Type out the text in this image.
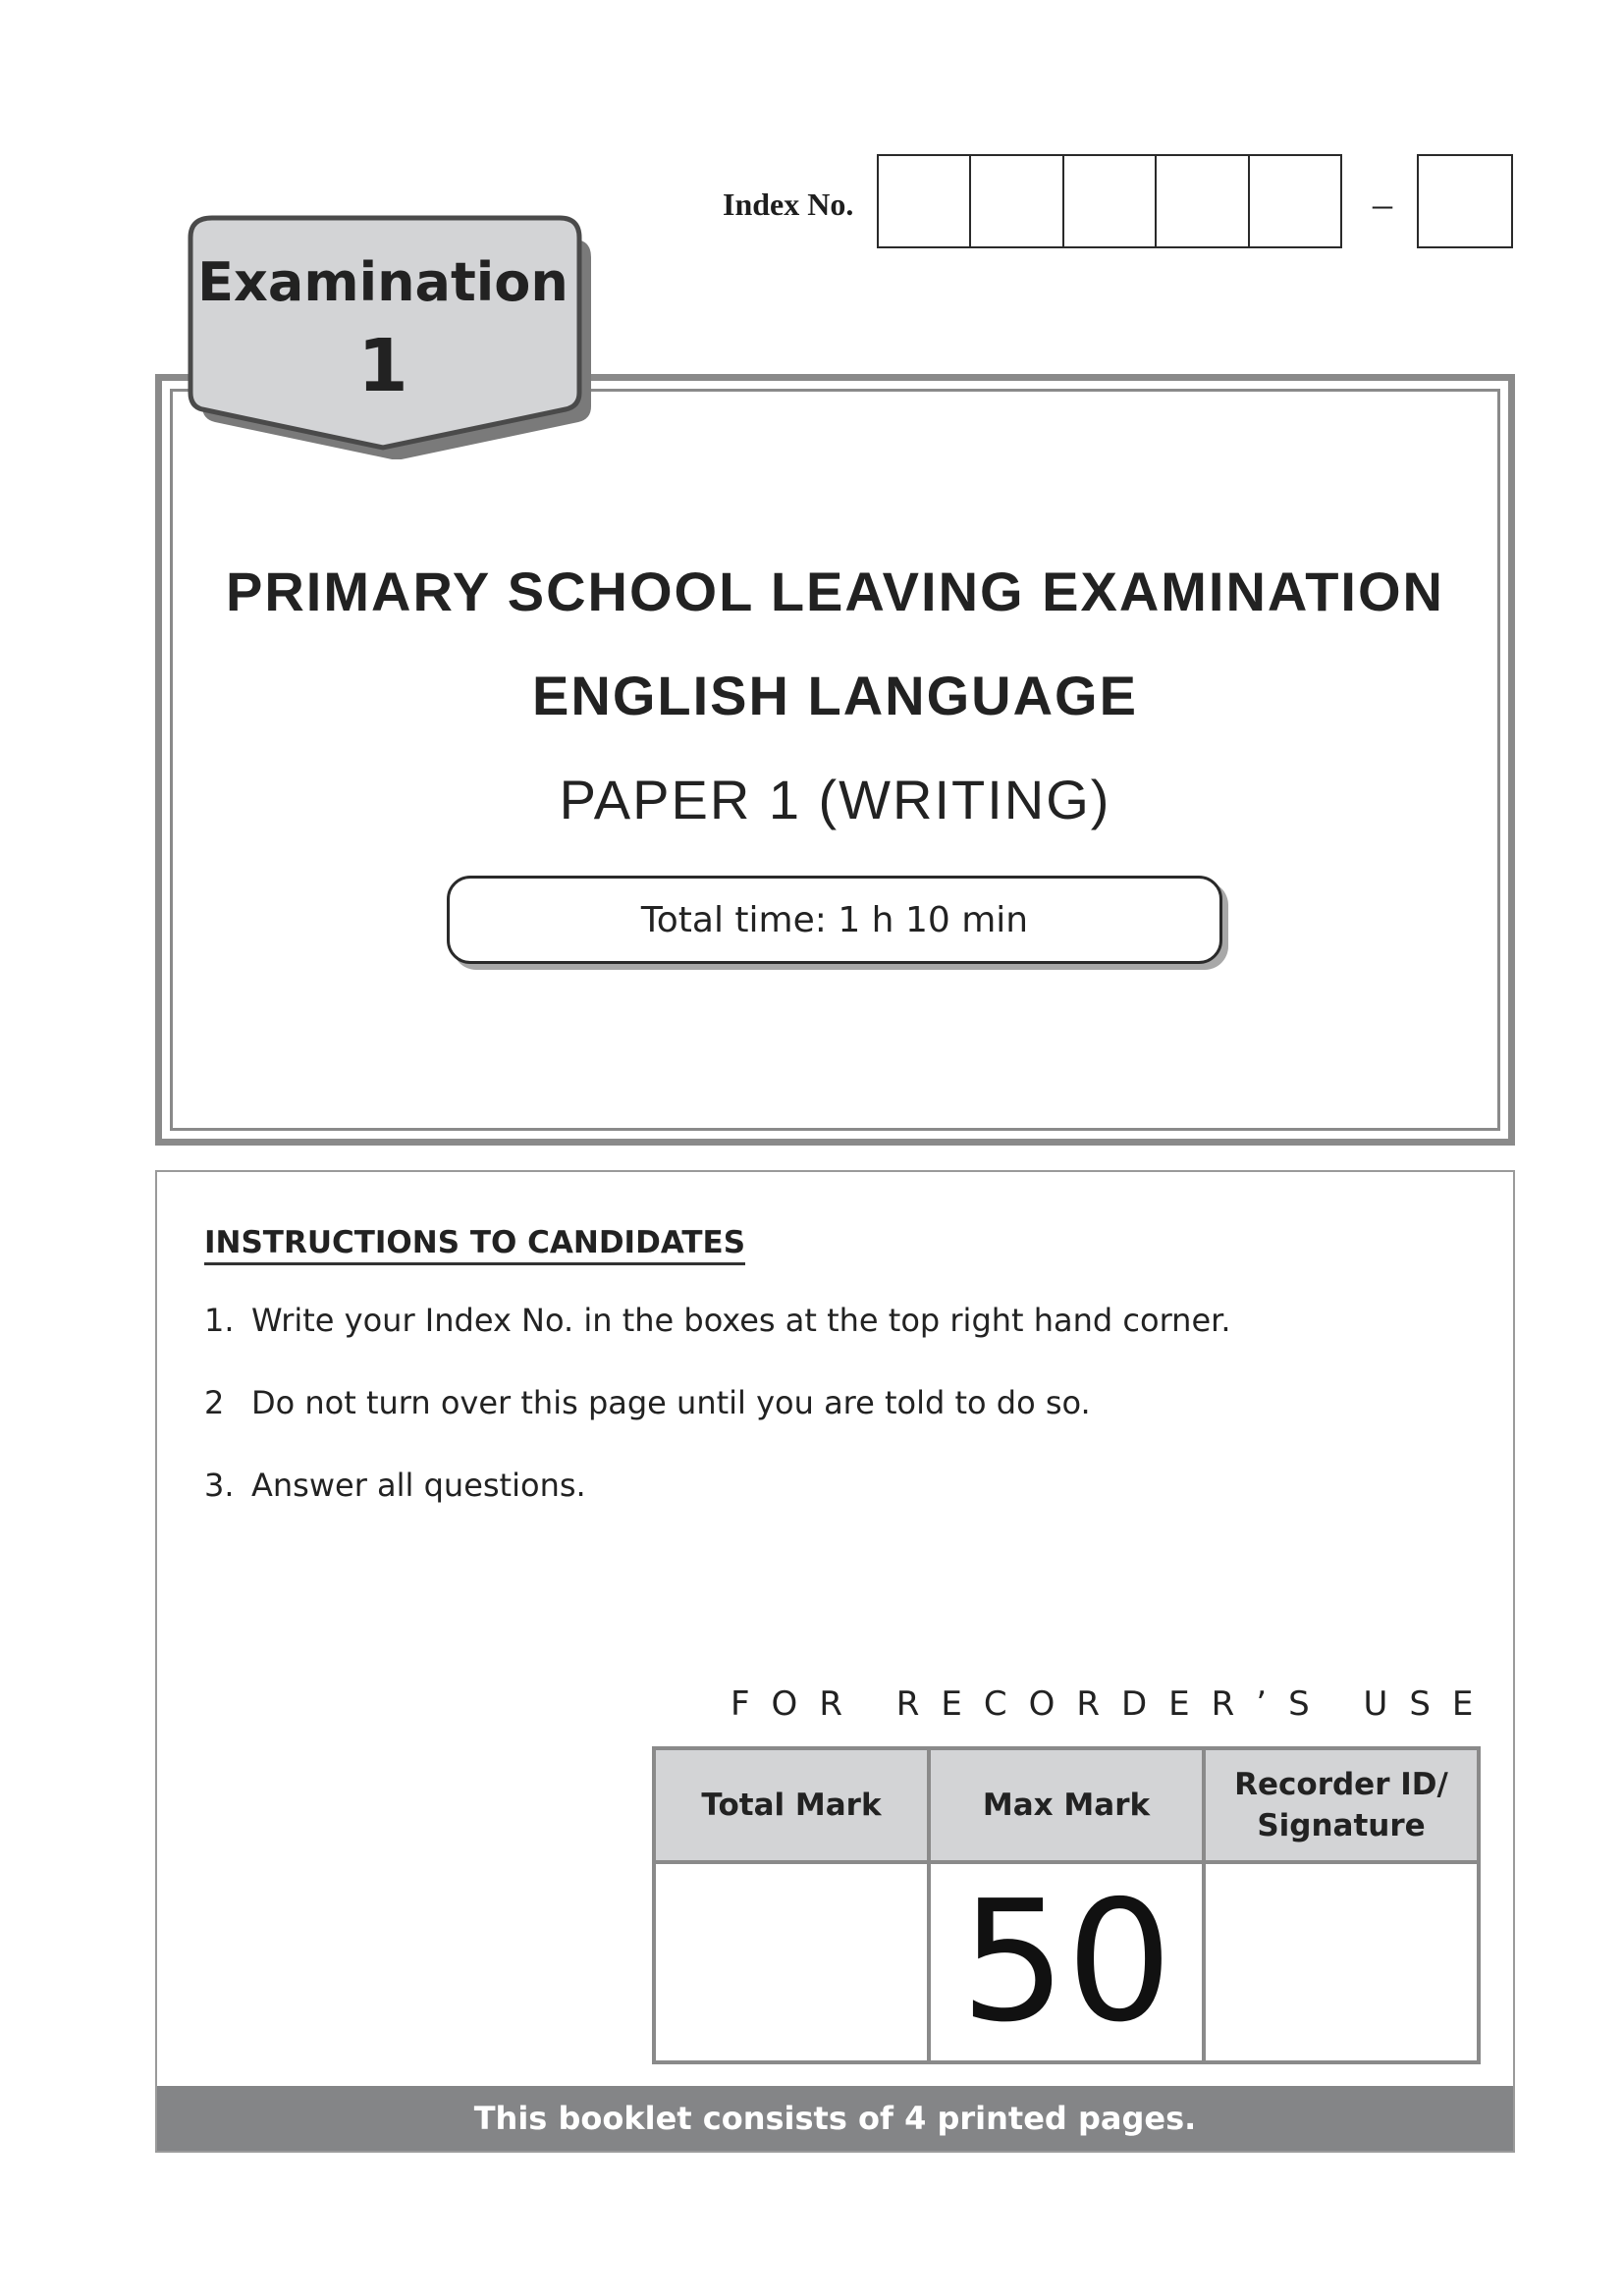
Index No.	–
PRIMARY SCHOOL LEAVING EXAMINATION
ENGLISH LANGUAGE
PAPER 1 (WRITING)
Total time: 1 h 10 min
Examination
1
INSTRUCTIONS TO CANDIDATES
1. Write your Index No. in the boxes at the top right hand corner.
2 Do not turn over this page until you are told to do so.
3. Answer all questions.
FOR RECORDER’S USE
Total Mark	Max Mark	Recorder ID/
Signature

	50	
This booklet consists of 4 printed pages.
